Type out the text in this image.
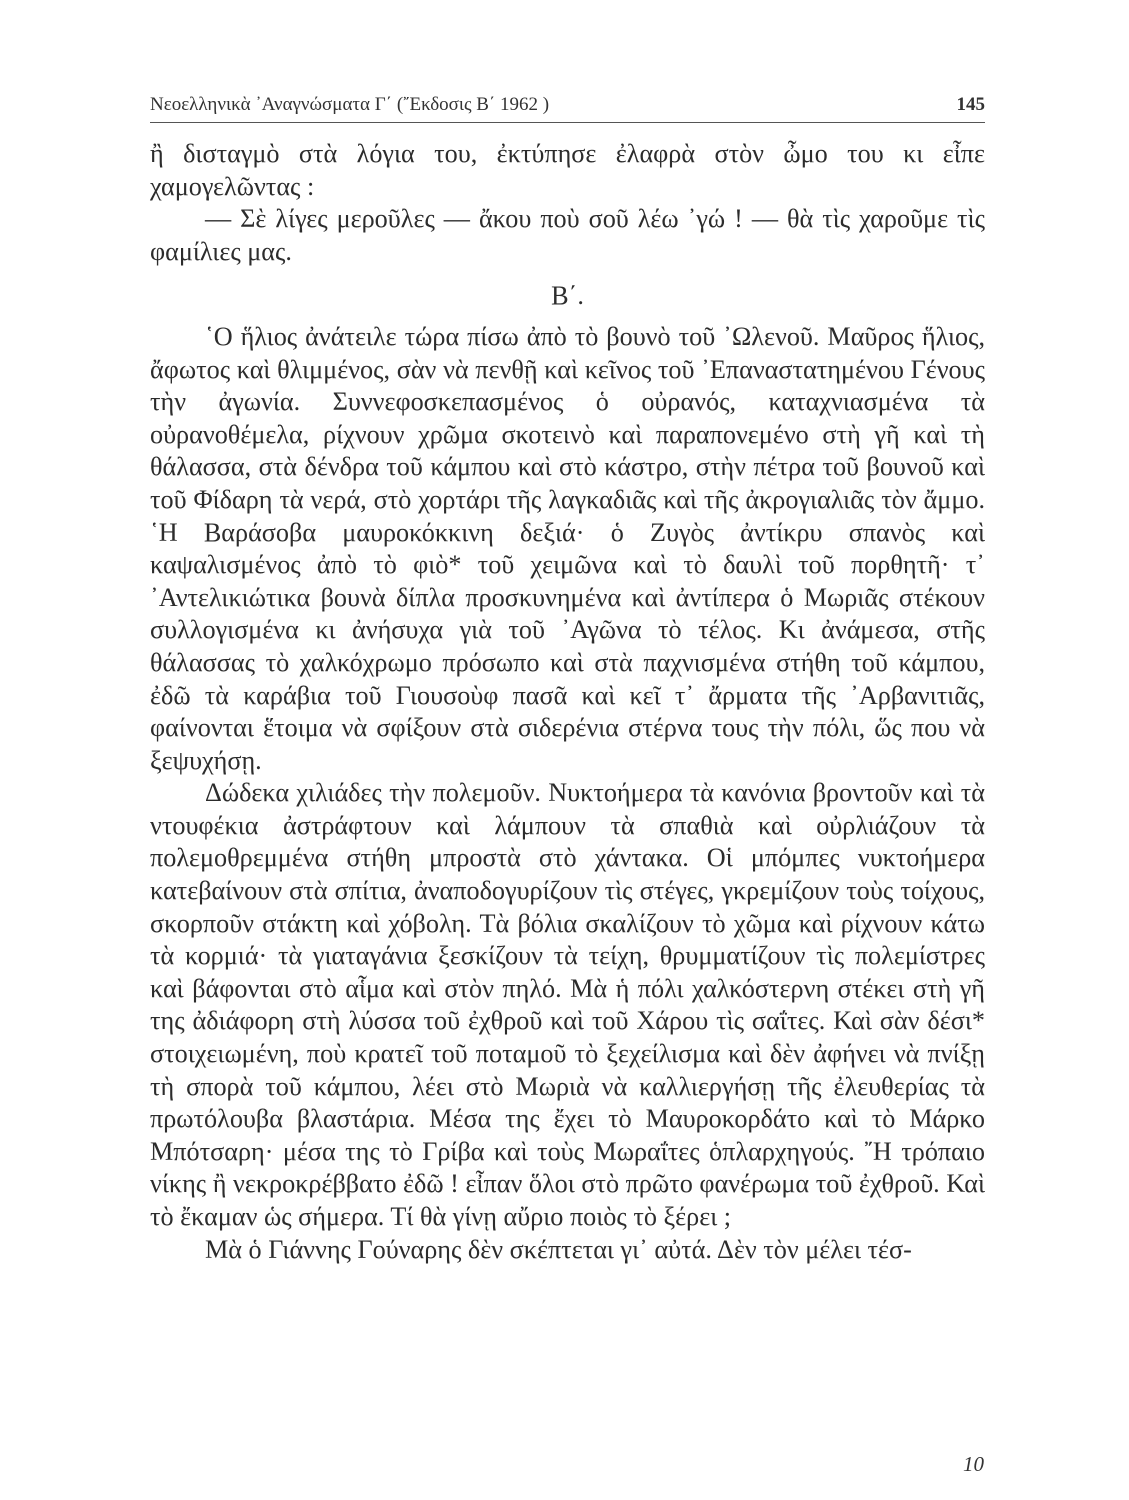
Νεοελληνικὰ ᾿Αναγνώσματα Γ΄ (῎Εκδοσις Β΄ 1962 )	145

ἢ δισταγμὸ στὰ λόγια του, ἐκτύπησε ἐλαφρὰ στὸν ὦμο του κι εἶπε χαμογελῶντας :

— Σὲ λίγες μεροῦλες — ἄκου ποὺ σοῦ λέω ᾿γώ ! — θὰ τὶς χαροῦμε τὶς φαμίλιες μας.

Β΄.

῾Ο ἥλιος ἀνάτειλε τώρα πίσω ἀπὸ τὸ βουνὸ τοῦ ᾿Ωλενοῦ. Μαῦρος ἥλιος, ἄφωτος καὶ θλιμμένος, σὰν νὰ πενθῇ καὶ κεῖνος τοῦ ᾿Επαναστατημένου Γένους τὴν ἀγωνία. Συννεφοσκεπασμένος ὁ οὐρανός, καταχνιασμένα τὰ οὐρανοθέμελα, ρίχνουν χρῶμα σκοτεινὸ καὶ παραπονεμένο στὴ γῆ καὶ τὴ θάλασσα, στὰ δένδρα τοῦ κάμπου καὶ στὸ κάστρο, στὴν πέτρα τοῦ βουνοῦ καὶ τοῦ Φίδαρη τὰ νερά, στὸ χορτάρι τῆς λαγκαδιᾶς καὶ τῆς ἀκρογιαλιᾶς τὸν ἄμμο. ῾Η Βαράσοβα μαυροκόκκινη δεξιά· ὁ Ζυγὸς ἀντίκρυ σπανὸς καὶ καψαλισμένος ἀπὸ τὸ φιὸ* τοῦ χειμῶνα καὶ τὸ δαυλὶ τοῦ πορθητῆ· τ᾿ ᾿Αντελικιώτικα βουνὰ δίπλα προσκυνημένα καὶ ἀντίπερα ὁ Μωριᾶς στέκουν συλλογισμένα κι ἀνήσυχα γιὰ τοῦ ᾿Αγῶνα τὸ τέλος. Κι ἀνάμεσα, στῆς θάλασσας τὸ χαλκόχρωμο πρόσωπο καὶ στὰ παχνισμένα στήθη τοῦ κάμπου, ἐδῶ τὰ καράβια τοῦ Γιουσοὺφ πασᾶ καὶ κεῖ τ᾿ ἄρματα τῆς ᾿Αρβανιτιᾶς, φαίνονται ἕτοιμα νὰ σφίξουν στὰ σιδερένια στέρνα τους τὴν πόλι, ὥς που νὰ ξεψυχήσῃ.

Δώδεκα χιλιάδες τὴν πολεμοῦν. Νυκτοήμερα τὰ κανόνια βροντοῦν καὶ τὰ ντουφέκια ἀστράφτουν καὶ λάμπουν τὰ σπαθιὰ καὶ οὐρλιάζουν τὰ πολεμοθρεμμένα στήθη μπροστὰ στὸ χάντακα. Οἱ μπόμπες νυκτοήμερα κατεβαίνουν στὰ σπίτια, ἀναποδογυρίζουν τὶς στέγες, γκρεμίζουν τοὺς τοίχους, σκορποῦν στάκτη καὶ χόβολη. Τὰ βόλια σκαλίζουν τὸ χῶμα καὶ ρίχνουν κάτω τὰ κορμιά· τὰ γιαταγάνια ξεσκίζουν τὰ τείχη, θρυμματίζουν τὶς πολεμίστρες καὶ βάφονται στὸ αἷμα καὶ στὸν πηλό. Μὰ ἡ πόλι χαλκόστερνη στέκει στὴ γῆ της ἀδιάφορη στὴ λύσσα τοῦ ἐχθροῦ καὶ τοῦ Χάρου τὶς σαΐτες. Καὶ σὰν δέσι* στοιχειωμένη, ποὺ κρατεῖ τοῦ ποταμοῦ τὸ ξεχείλισμα καὶ δὲν ἀφήνει νὰ πνίξῃ τὴ σπορὰ τοῦ κάμπου, λέει στὸ Μωριὰ νὰ καλλιεργήσῃ τῆς ἐλευθερίας τὰ πρωτόλουβα βλαστάρια. Μέσα της ἔχει τὸ Μαυροκορδάτο καὶ τὸ Μάρκο Μπότσαρη· μέσα της τὸ Γρίβα καὶ τοὺς Μωραΐτες ὁπλαρχηγούς. ῎Η τρόπαιο νίκης ἢ νεκροκρέββατο ἐδῶ ! εἶπαν ὅλοι στὸ πρῶτο φανέρωμα τοῦ ἐχθροῦ. Καὶ τὸ ἔκαμαν ὡς σήμερα. Τί θὰ γίνῃ αὔριο ποιὸς τὸ ξέρει ;

Μὰ ὁ Γιάννης Γούναρης δὲν σκέπτεται γι᾿ αὐτά. Δὲν τὸν μέλει τέσ-

10
